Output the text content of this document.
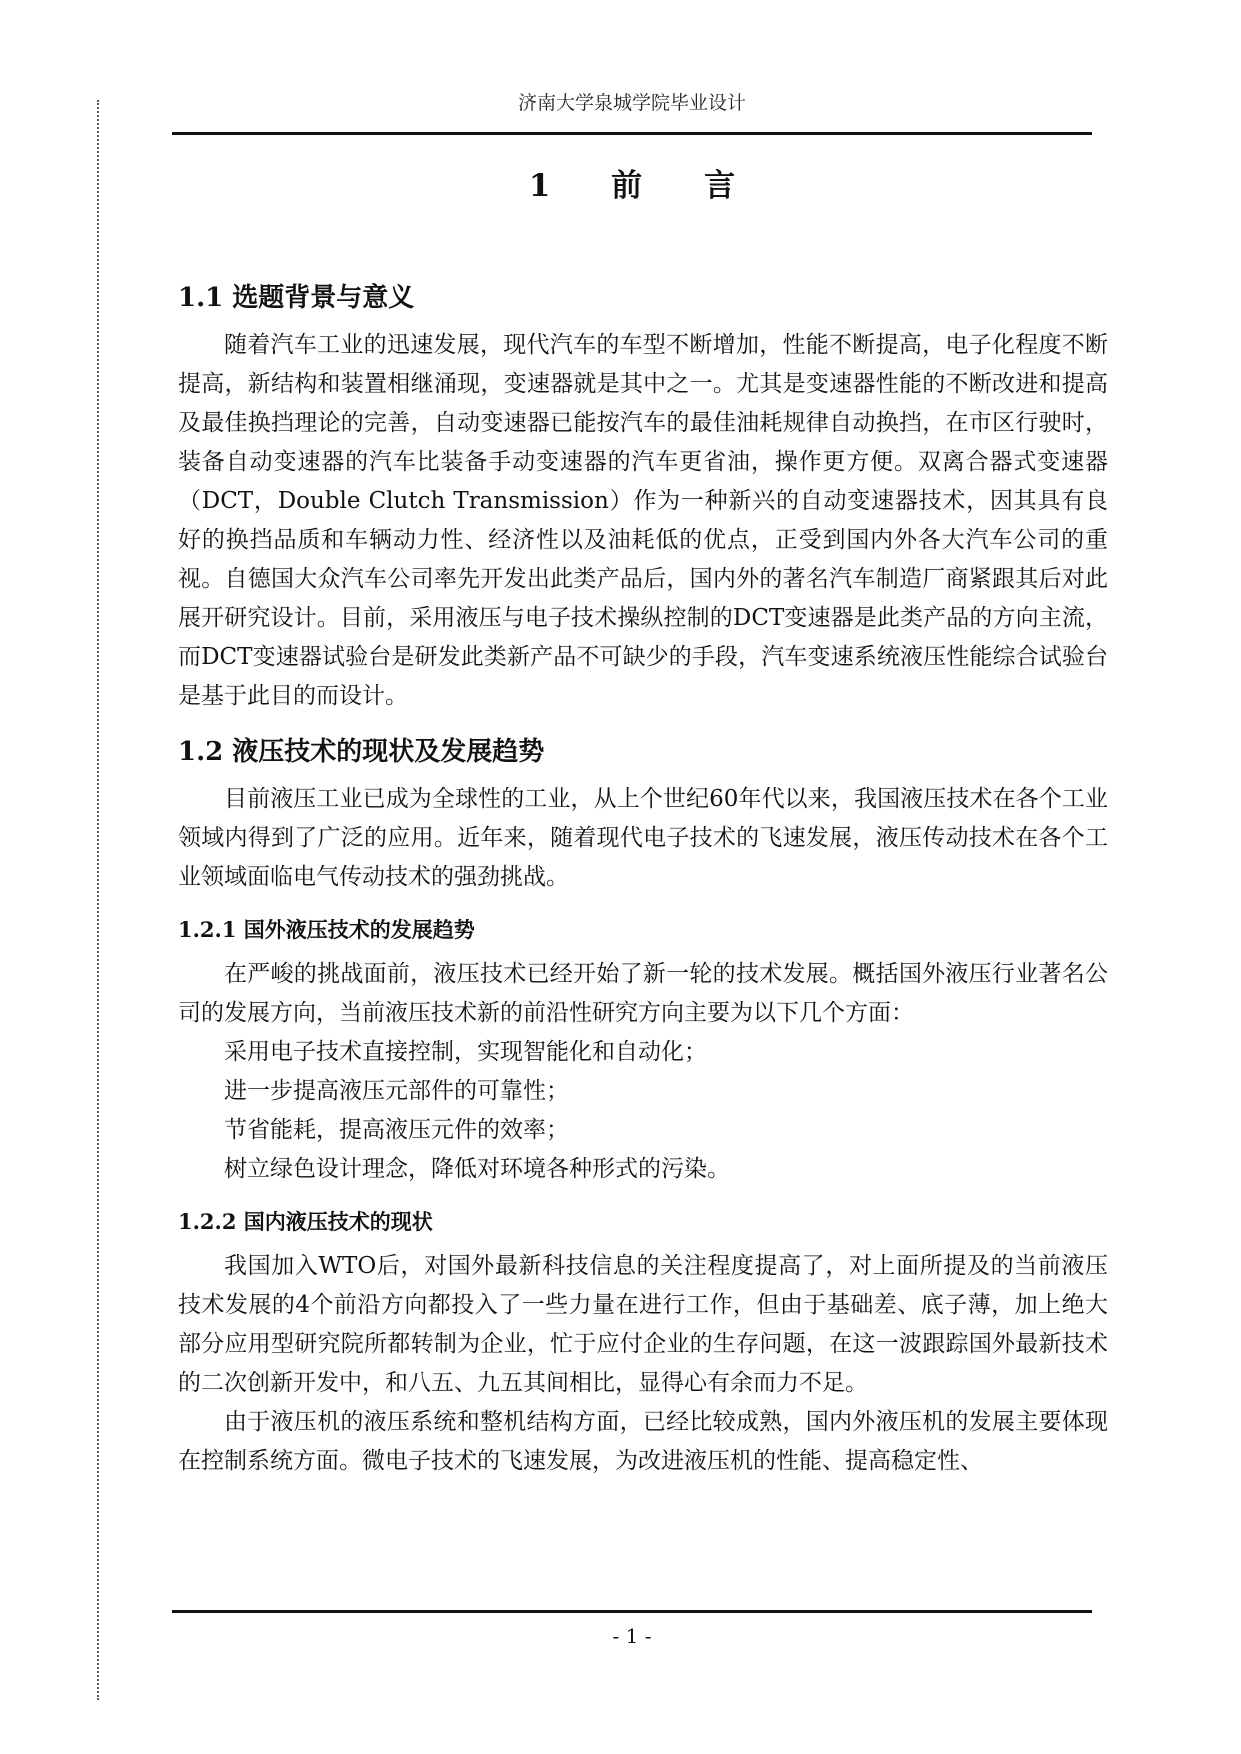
济南大学泉城学院毕业设计
1 前　　言
1.1 选题背景与意义

随着汽车工业的迅速发展，现代汽车的车型不断增加，性能不断提高，电子化程度不断提高，新结构和装置相继涌现，变速器就是其中之一。尤其是变速器性能的不断改进和提高及最佳换挡理论的完善，自动变速器已能按汽车的最佳油耗规律自动换挡，在市区行驶时，装备自动变速器的汽车比装备手动变速器的汽车更省油，操作更方便。双离合器式变速器（DCT，Double Clutch Transmission）作为一种新兴的自动变速器技术，因其具有良好的换挡品质和车辆动力性、经济性以及油耗低的优点，正受到国内外各大汽车公司的重视。自德国大众汽车公司率先开发出此类产品后，国内外的著名汽车制造厂商紧跟其后对此展开研究设计。目前，采用液压与电子技术操纵控制的DCT变速器是此类产品的方向主流，而DCT变速器试验台是研发此类新产品不可缺少的手段，汽车变速系统液压性能综合试验台是基于此目的而设计。

1.2 液压技术的现状及发展趋势

目前液压工业已成为全球性的工业，从上个世纪60年代以来，我国液压技术在各个工业领域内得到了广泛的应用。近年来，随着现代电子技术的飞速发展，液压传动技术在各个工业领域面临电气传动技术的强劲挑战。

1.2.1 国外液压技术的发展趋势

在严峻的挑战面前，液压技术已经开始了新一轮的技术发展。概括国外液压行业著名公司的发展方向，当前液压技术新的前沿性研究方向主要为以下几个方面：

采用电子技术直接控制，实现智能化和自动化；

进一步提高液压元部件的可靠性；

节省能耗，提高液压元件的效率；

树立绿色设计理念，降低对环境各种形式的污染。

1.2.2 国内液压技术的现状

我国加入WTO后，对国外最新科技信息的关注程度提高了，对上面所提及的当前液压技术发展的4个前沿方向都投入了一些力量在进行工作，但由于基础差、底子薄，加上绝大部分应用型研究院所都转制为企业，忙于应付企业的生存问题，在这一波跟踪国外最新技术的二次创新开发中，和八五、九五其间相比，显得心有余而力不足。

由于液压机的液压系统和整机结构方面，已经比较成熟，国内外液压机的发展主要体现在控制系统方面。微电子技术的飞速发展，为改进液压机的性能、提高稳定性、

- 1 -
